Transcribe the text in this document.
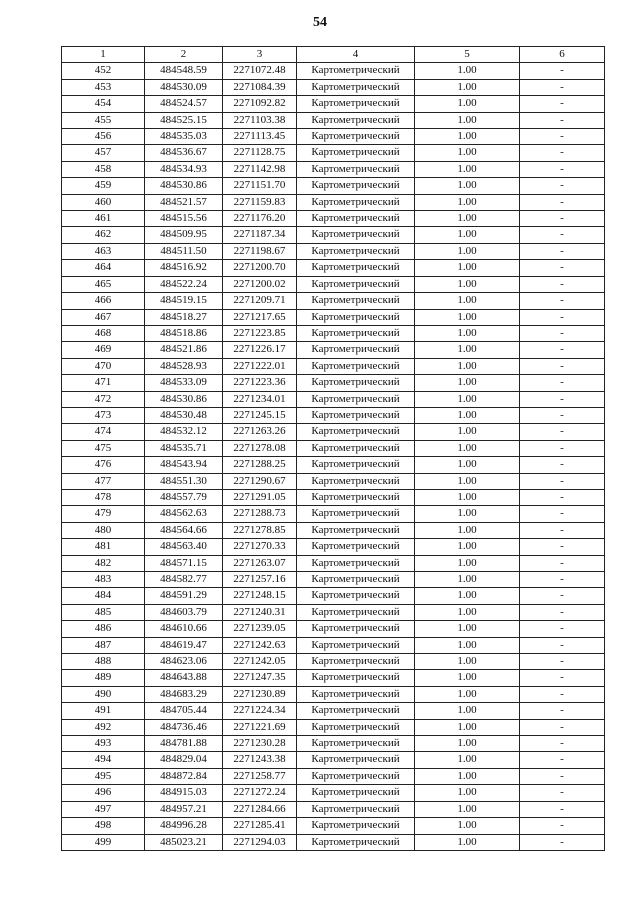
54
1	2	3	4	5	6
452	484548.59	2271072.48	Картометрический	1.00	-
453	484530.09	2271084.39	Картометрический	1.00	-
454	484524.57	2271092.82	Картометрический	1.00	-
455	484525.15	2271103.38	Картометрический	1.00	-
456	484535.03	2271113.45	Картометрический	1.00	-
457	484536.67	2271128.75	Картометрический	1.00	-
458	484534.93	2271142.98	Картометрический	1.00	-
459	484530.86	2271151.70	Картометрический	1.00	-
460	484521.57	2271159.83	Картометрический	1.00	-
461	484515.56	2271176.20	Картометрический	1.00	-
462	484509.95	2271187.34	Картометрический	1.00	-
463	484511.50	2271198.67	Картометрический	1.00	-
464	484516.92	2271200.70	Картометрический	1.00	-
465	484522.24	2271200.02	Картометрический	1.00	-
466	484519.15	2271209.71	Картометрический	1.00	-
467	484518.27	2271217.65	Картометрический	1.00	-
468	484518.86	2271223.85	Картометрический	1.00	-
469	484521.86	2271226.17	Картометрический	1.00	-
470	484528.93	2271222.01	Картометрический	1.00	-
471	484533.09	2271223.36	Картометрический	1.00	-
472	484530.86	2271234.01	Картометрический	1.00	-
473	484530.48	2271245.15	Картометрический	1.00	-
474	484532.12	2271263.26	Картометрический	1.00	-
475	484535.71	2271278.08	Картометрический	1.00	-
476	484543.94	2271288.25	Картометрический	1.00	-
477	484551.30	2271290.67	Картометрический	1.00	-
478	484557.79	2271291.05	Картометрический	1.00	-
479	484562.63	2271288.73	Картометрический	1.00	-
480	484564.66	2271278.85	Картометрический	1.00	-
481	484563.40	2271270.33	Картометрический	1.00	-
482	484571.15	2271263.07	Картометрический	1.00	-
483	484582.77	2271257.16	Картометрический	1.00	-
484	484591.29	2271248.15	Картометрический	1.00	-
485	484603.79	2271240.31	Картометрический	1.00	-
486	484610.66	2271239.05	Картометрический	1.00	-
487	484619.47	2271242.63	Картометрический	1.00	-
488	484623.06	2271242.05	Картометрический	1.00	-
489	484643.88	2271247.35	Картометрический	1.00	-
490	484683.29	2271230.89	Картометрический	1.00	-
491	484705.44	2271224.34	Картометрический	1.00	-
492	484736.46	2271221.69	Картометрический	1.00	-
493	484781.88	2271230.28	Картометрический	1.00	-
494	484829.04	2271243.38	Картометрический	1.00	-
495	484872.84	2271258.77	Картометрический	1.00	-
496	484915.03	2271272.24	Картометрический	1.00	-
497	484957.21	2271284.66	Картометрический	1.00	-
498	484996.28	2271285.41	Картометрический	1.00	-
499	485023.21	2271294.03	Картометрический	1.00	-
